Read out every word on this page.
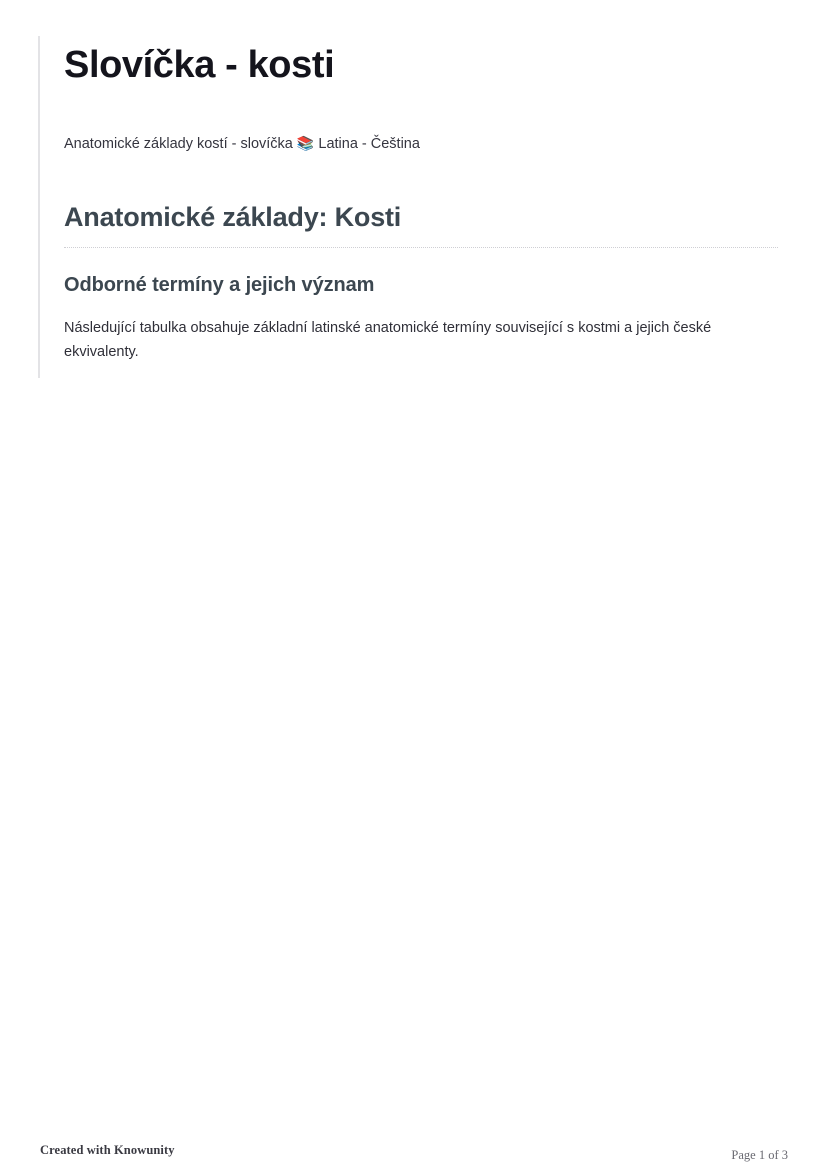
Slovíčka - kosti
Anatomické základy kostí - slovíčka 📚 Latina - Čeština
Anatomické základy: Kosti
Odborné termíny a jejich význam

Následující tabulka obsahuje základní latinské anatomické termíny související s kostmi a jejich české ekvivalenty.

Created with Knowunity	Page 1 of 3
